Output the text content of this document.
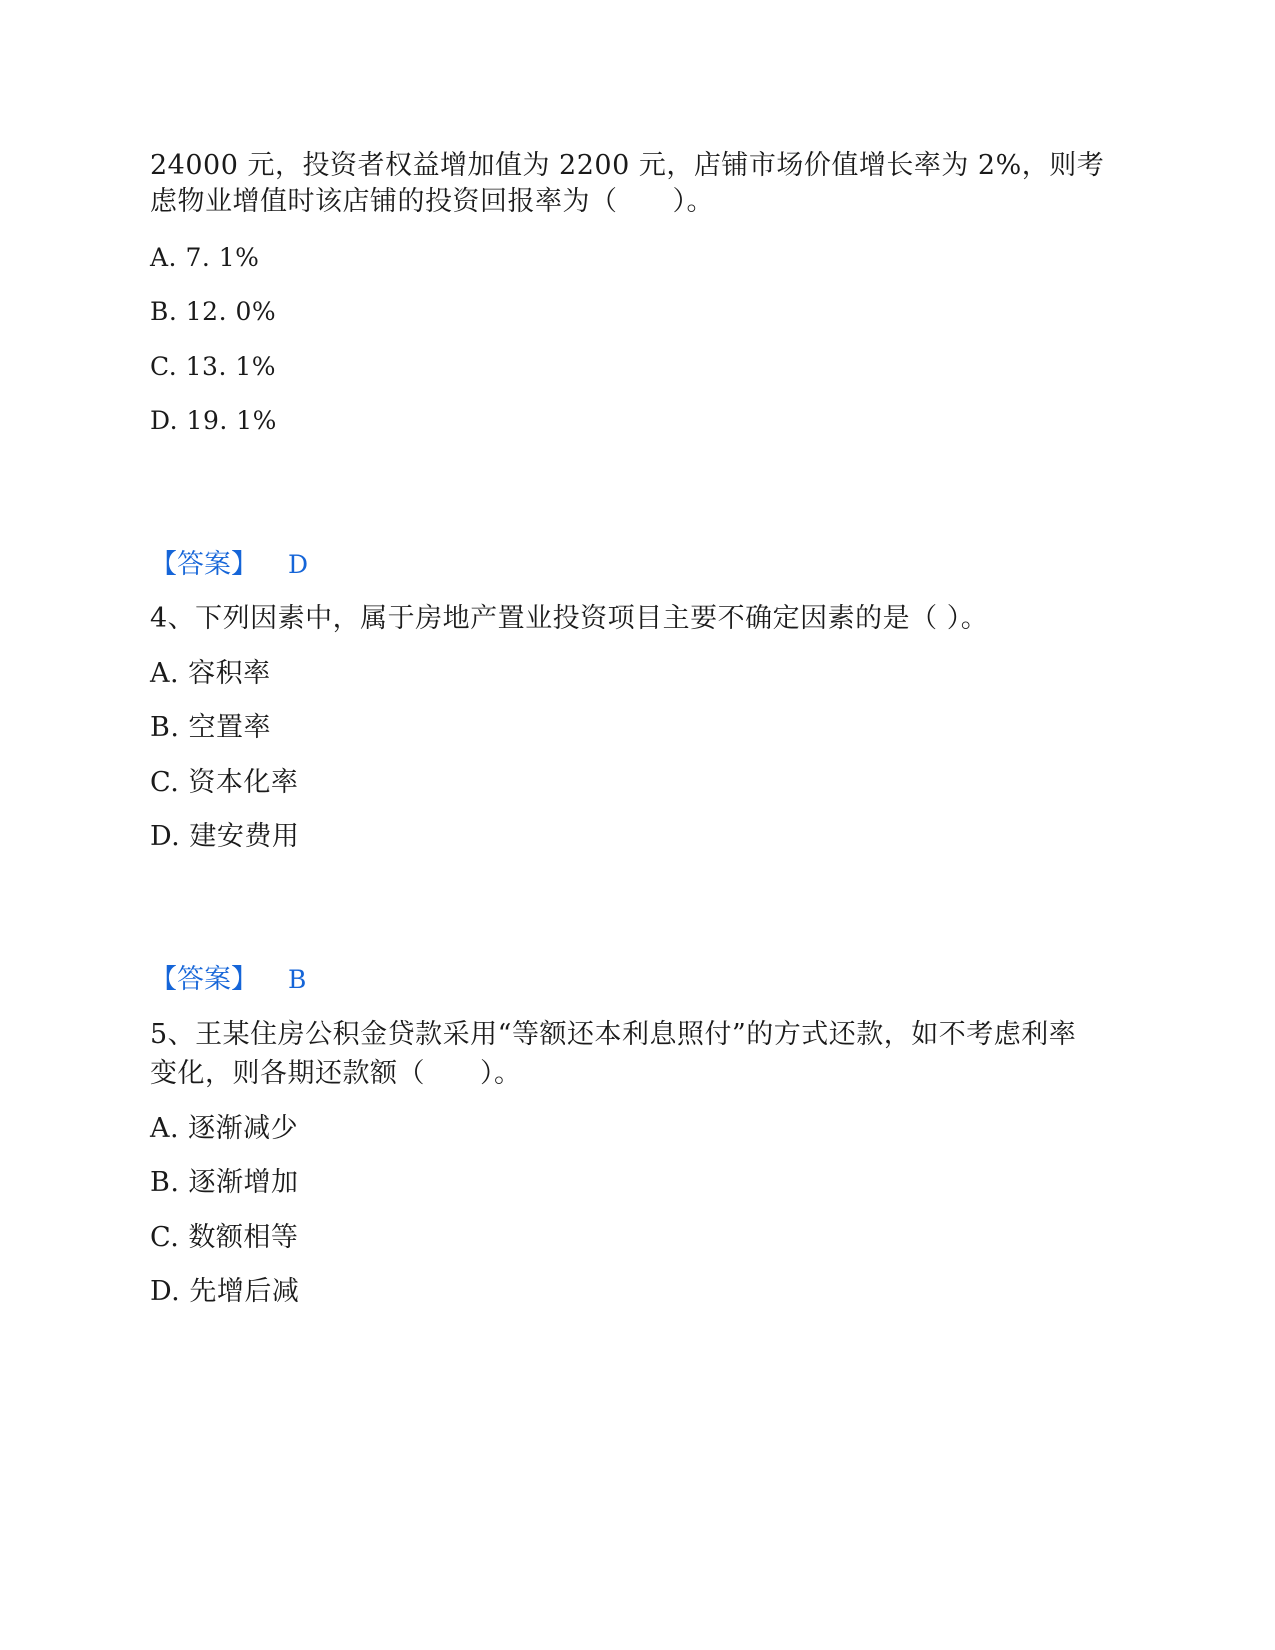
24000 元，投资者权益增加值为 2200 元，店铺市场价值增长率为 2%，则考
虑物业增值时该店铺的投资回报率为（　　）。
A. 7. 1%
B. 12. 0%
C. 13. 1%
D. 19. 1%
【答案】 D
4、下列因素中，属于房地产置业投资项目主要不确定因素的是（ ）。
A. 容积率
B. 空置率
C. 资本化率
D. 建安费用
【答案】 B
5、王某住房公积金贷款采用“等额还本利息照付”的方式还款，如不考虑利率
变化，则各期还款额（　　）。
A. 逐渐减少
B. 逐渐增加
C. 数额相等
D. 先增后减
